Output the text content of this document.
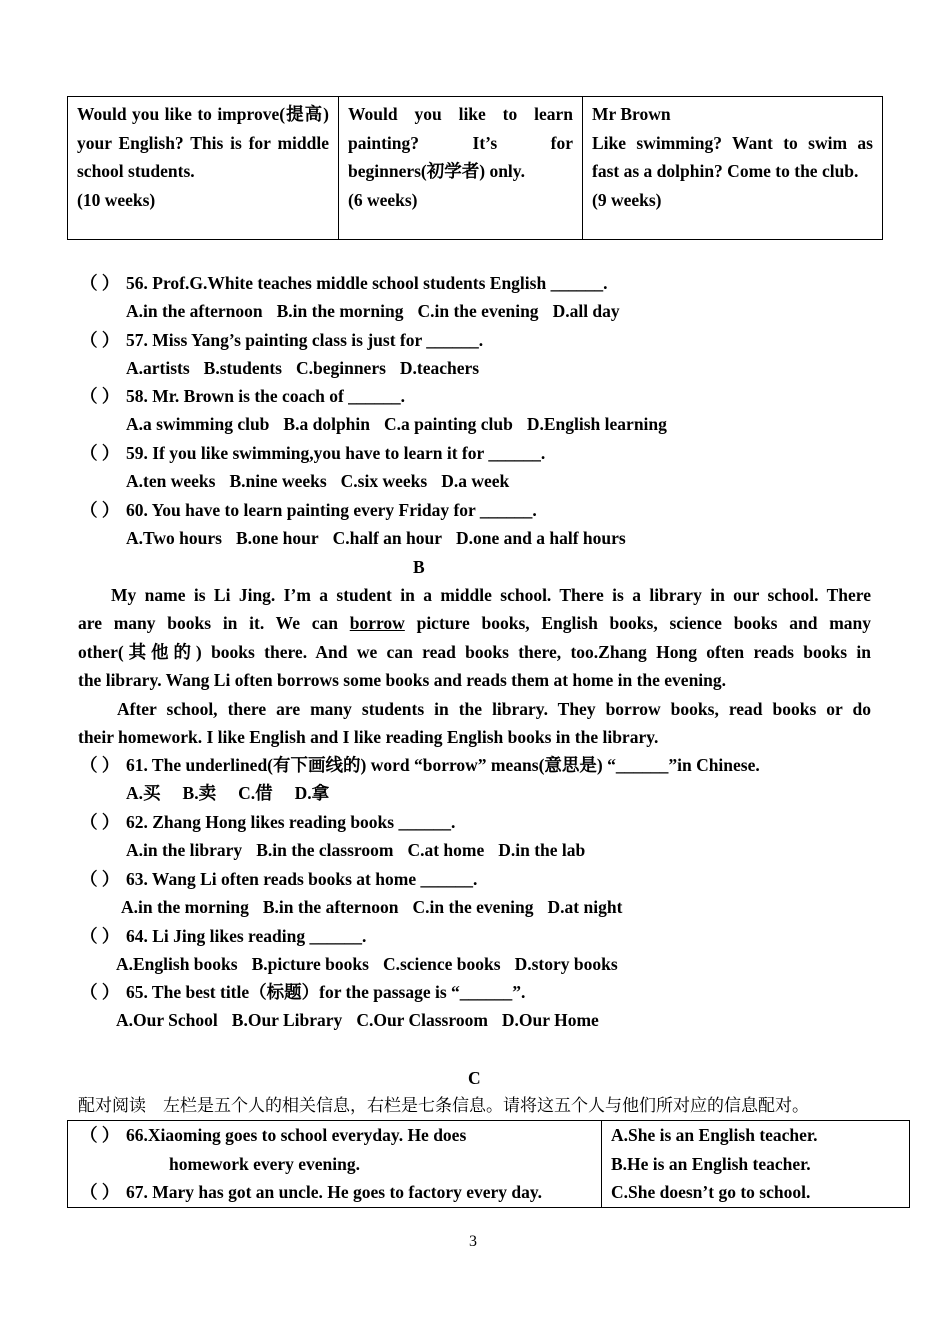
Would you like to improve(提高) your English? This is for middle school students.
(10 weeks)

Would you like to learn painting? It’s for beginners(初学者) only.
(6 weeks)

Mr Brown
Like swimming? Want to swim as fast as a dolphin? Come to the club.
(9 weeks)
（ ） 56. Prof.G.White teaches middle school students English ______.
A.in the afternoon B.in the morning C.in the evening D.all day
（ ） 57. Miss Yang’s painting class is just for ______.
A.artists B.students C.beginners D.teachers
（ ） 58. Mr. Brown is the coach of ______.
A.a swimming club B.a dolphin C.a painting club D.English learning
（ ） 59. If you like swimming,you have to learn it for ______.
A.ten weeks B.nine weeks C.six weeks D.a week
（ ） 60. You have to learn painting every Friday for ______.
A.Two hours B.one hour C.half an hour D.one and a half hours
B
My name is Li Jing. I’m a student in a middle school. There is a library in our school. There
are many books in it. We can borrow picture books, English books, science books and many
other(其他的) books there. And we can read books there, too.Zhang Hong often reads books in
the library. Wang Li often borrows some books and reads them at home in the evening.
After school, there are many students in the library. They borrow books, read books or do
their homework. I like English and I like reading English books in the library.
（ ） 61. The underlined(有下画线的) word “borrow” means(意思是) “______”in Chinese.
A.买 B.卖 C.借 D.拿
（ ） 62. Zhang Hong likes reading books ______.
A.in the library B.in the classroom C.at home D.in the lab
（ ） 63. Wang Li often reads books at home ______.
A.in the morning B.in the afternoon C.in the evening D.at night
（ ） 64. Li Jing likes reading ______.
A.English books B.picture books C.science books D.story books
（ ） 65. The best title（标题）for the passage is “______”.
A.Our School B.Our Library C.Our Classroom D.Our Home
C
配对阅读　左栏是五个人的相关信息，右栏是七条信息。请将这五个人与他们所对应的信息配对。
（ ） 66.Xiaoming goes to school everyday. He does
homework every evening.
（ ） 67. Mary has got an uncle. He goes to factory every day.

A.She is an English teacher.
B.He is an English teacher.
C.She doesn’t go to school.
3
